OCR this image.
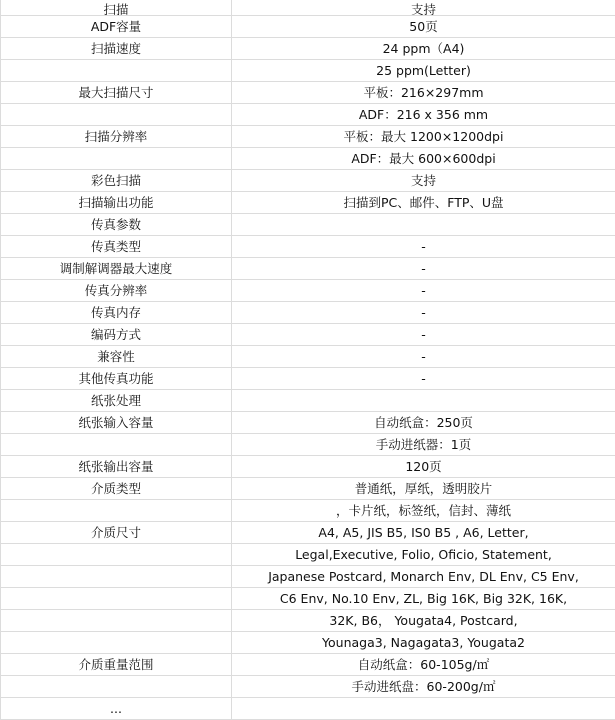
扫描	支持
ADF容量	50页
扫描速度	24 ppm（A4)
	25 ppm(Letter)
最大扫描尺寸	平板：216×297mm
	ADF：216 x 356 mm
扫描分辨率	平板：最大 1200×1200dpi
	ADF：最大 600×600dpi
彩色扫描	支持
扫描输出功能	扫描到PC、邮件、FTP、U盘
传真参数	
传真类型	-
调制解调器最大速度	-
传真分辨率	-
传真内存	-
编码方式	-
兼容性	-
其他传真功能	-
纸张处理	
纸张输入容量	自动纸盒：250页
	手动进纸器：1页
纸张输出容量	120页
介质类型	普通纸，厚纸，透明胶片
	，卡片纸，标签纸，信封、薄纸
介质尺寸	A4, A5, JIS B5, IS0 B5 , A6, Letter,
	Legal,Executive, Folio, Oficio, Statement,
	Japanese Postcard, Monarch Env, DL Env, C5 Env,
	C6 Env, No.10 Env, ZL, Big 16K, Big 32K, 16K,
	32K, B6， Yougata4, Postcard,
	Younaga3, Nagagata3, Yougata2
介质重量范围	自动纸盒：60-105g/㎡
	手动进纸盘：60-200g/㎡
...	
